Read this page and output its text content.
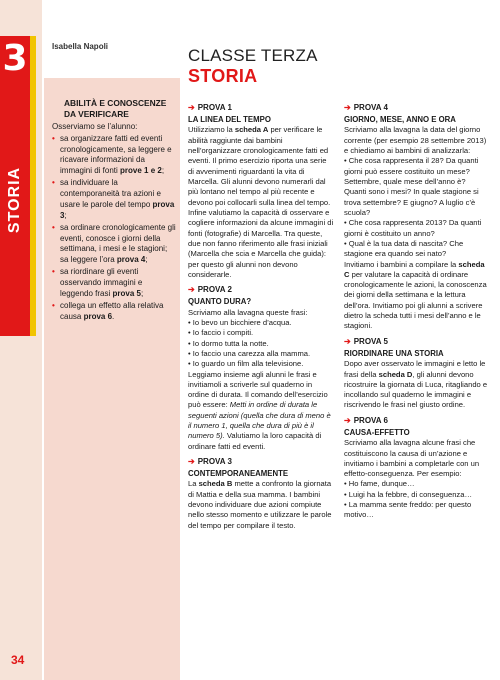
3
STORIA
34
Isabella Napoli
ABILITÀ E CONOSCENZE
DA VERIFICARE
Osserviamo se l’alunno:
• sa organizzare fatti ed eventi cronologicamente, sa leggere e ricavare informazioni da immagini di fonti prove 1 e 2;
• sa individuare la contemporaneità tra azioni e usare le parole del tempo prova 3;
• sa ordinare cronologicamente gli eventi, conosce i giorni della settimana, i mesi e le stagioni; sa leggere l’ora prova 4;
• sa riordinare gli eventi osservando immagini e leggendo frasi prova 5;
• collega un effetto alla relativa causa prova 6.
CLASSE TERZA
STORIA
➔ PROVA 1
LA LINEA DEL TEMPO

Utilizziamo la scheda A per verificare le abilità raggiunte dai bambini nell’organizzare cronologicamente fatti ed eventi. Il primo esercizio riporta una serie di avvenimenti riguardanti la vita di Marcella. Gli alunni devono numerarli dal più lontano nel tempo al più recente e devono poi collocarli sulla linea del tempo. Infine valutiamo la capacità di osservare e cogliere informazioni da alcune immagini di fonti (fotografie) di Marcella. Tra queste, due non fanno riferimento alle frasi iniziali (Marcella che scia e Marcella che guida): per questo gli alunni non devono considerarle.

➔ PROVA 2
QUANTO DURA?

Scriviamo alla lavagna queste frasi:

• Io bevo un bicchiere d’acqua.
• Io faccio i compiti.
• Io dormo tutta la notte.
• Io faccio una carezza alla mamma.
• Io guardo un film alla televisione.

Leggiamo insieme agli alunni le frasi e invitiamoli a scriverle sul quaderno in ordine di durata. Il comando dell’esercizio può essere: Metti in ordine di durata le seguenti azioni (quella che dura di meno è il numero 1, quella che dura di più è il numero 5). Valutiamo la loro capacità di ordinare fatti ed eventi.

➔ PROVA 3
CONTEMPORANEAMENTE

La scheda B mette a confronto la giornata di Mattia e della sua mamma. I bambini devono individuare due azioni compiute nello stesso momento e utilizzare le parole del tempo per compilare il testo.

➔ PROVA 4
GIORNO, MESE, ANNO E ORA

Scriviamo alla lavagna la data del giorno corrente (per esempio 28 settembre 2013) e chiediamo ai bambini di analizzarla:

• Che cosa rappresenta il 28? Da quanti giorni può essere costituito un mese? Settembre, quale mese dell’anno è? Quanti sono i mesi? In quale stagione si trova settembre? E giugno? A luglio c’è scuola?
• Che cosa rappresenta 2013? Da quanti giorni è costituito un anno?
• Qual è la tua data di nascita? Che stagione era quando sei nato?

Invitiamo i bambini a compilare la scheda C per valutare la capacità di ordinare cronologicamente le azioni, la conoscenza dei giorni della settimana e la lettura dell’ora. Invitiamo poi gli alunni a scrivere dietro la scheda tutti i mesi dell’anno e le stagioni.

➔ PROVA 5
RIORDINARE UNA STORIA

Dopo aver osservato le immagini e letto le frasi della scheda D, gli alunni devono ricostruire la giornata di Luca, ritagliando e incollando sul quaderno le immagini e riscrivendo le frasi nel giusto ordine.

➔ PROVA 6
CAUSA-EFFETTO

Scriviamo alla lavagna alcune frasi che costituiscono la causa di un’azione e invitiamo i bambini a completarle con un effetto-conseguenza. Per esempio:

• Ho fame, dunque…
• Luigi ha la febbre, di conseguenza…
• La mamma sente freddo: per questo motivo…
